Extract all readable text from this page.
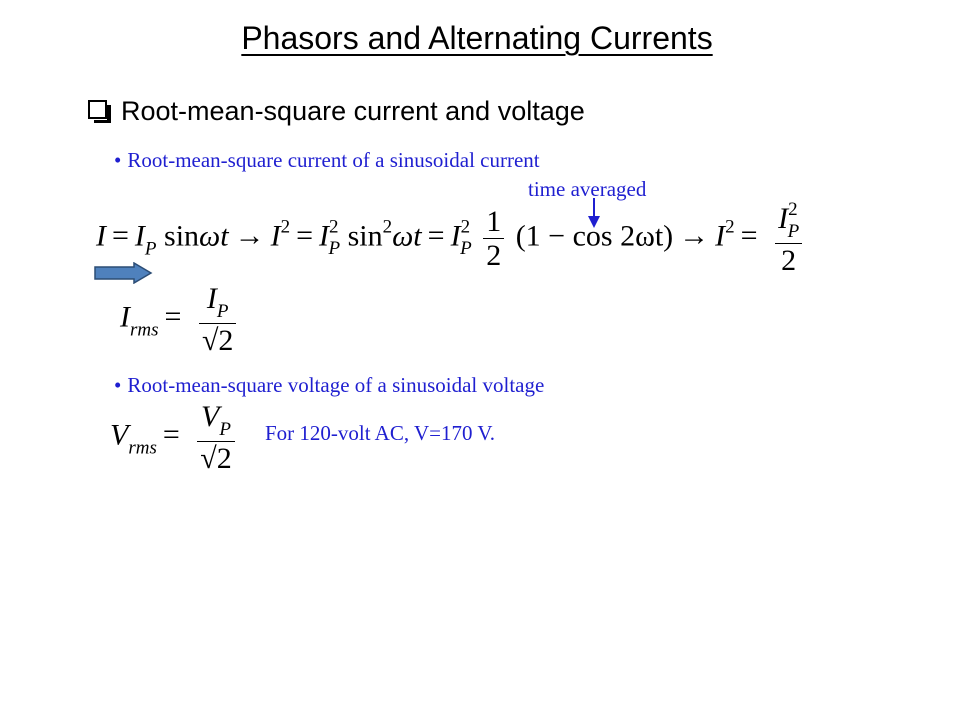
Phasors and Alternating Currents
Root-mean-square current and voltage
• Root-mean-square current of a sinusoidal current
time averaged
$I = I_P$ $\sin\omega t \to I^2 = I^2_P$ $\sin^2\omega t = I^2_P \frac{1}{2} (1 - \cos 2\omega t) \to I^2 = \frac{I^2_P}{2}$
$I_{rms} = \frac{I_P}{√2}$
• Root-mean-square voltage of a sinusoidal voltage
$V_{rms} = \frac{V_P}{√2}$ For 120-volt AC, V=170 V.
